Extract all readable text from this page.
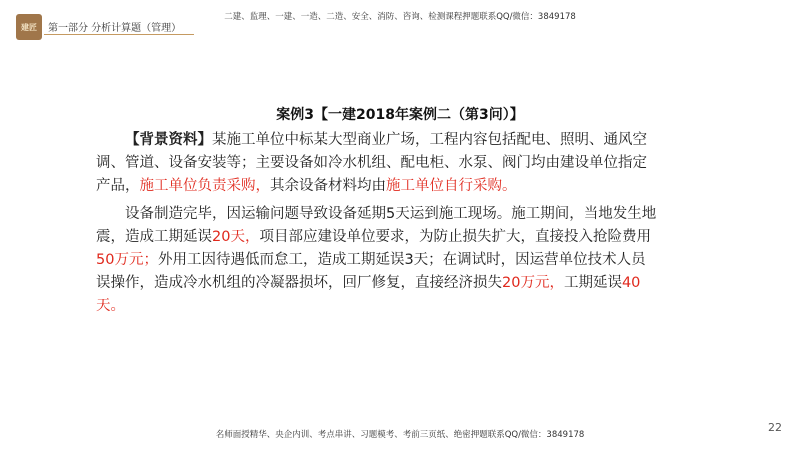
建匠 第一部分 分析计算题（管理）
二建、监理、一建、一造、二造、安全、消防、咨询、检测课程押题联系QQ/微信：3849178
案例3【一建2018年案例二（第3问）】

【背景资料】某施工单位中标某大型商业广场，工程内容包括配电、照明、通风空调、管道、设备安装等；主要设备如冷水机组、配电柜、水泵、阀门均由建设单位指定产品，施工单位负责采购，其余设备材料均由施工单位自行采购。

设备制造完毕，因运输问题导致设备延期5天运到施工现场。施工期间，当地发生地震，造成工期延误20天，项目部应建设单位要求，为防止损失扩大，直接投入抢险费用50万元；外用工因待遇低而怠工，造成工期延误3天；在调试时，因运营单位技术人员误操作，造成冷水机组的冷凝器损坏，回厂修复，直接经济损失20万元，工期延误40天。

22
名师面授精华、央企内训、考点串讲、习题模考、考前三页纸、绝密押题联系QQ/微信：3849178
